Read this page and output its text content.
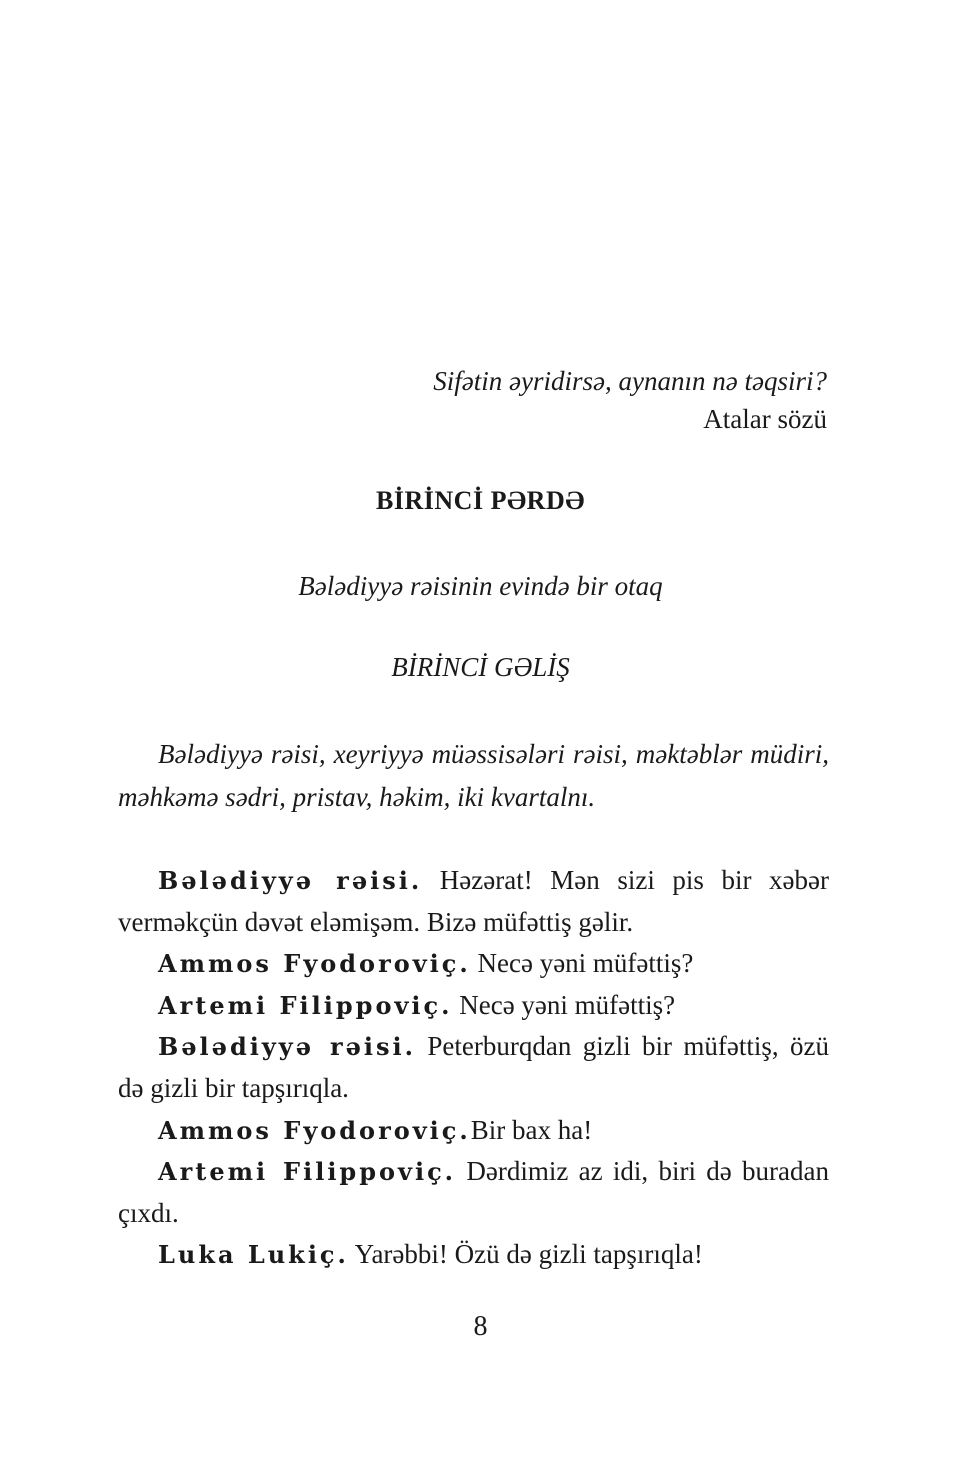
Sifətin əyridirsə, aynanın nə təqsiri?
Atalar sözü
BİRİNCİ PƏRDƏ
Bələdiyyə rəisinin evində bir otaq
BİRİNCİ GƏLİŞ
Bələdiyyə rəisi, xeyriyyə müəssisələri rəisi, məktəblər müdiri, məhkəmə sədri, pristav, həkim, iki kvartalnı.

Bələdiyyə rəisi. Həzərat! Mən sizi pis bir xəbər verməkçün dəvət eləmişəm. Bizə müfəttiş gəlir.

Ammos Fyodoroviç. Necə yəni müfəttiş?

Artemi Filippoviç. Necə yəni müfəttiş?

Bələdiyyə rəisi. Peterburqdan gizli bir müfəttiş, özü də gizli bir tapşırıqla.

Ammos Fyodoroviç.Bir bax ha!

Artemi Filippoviç. Dərdimiz az idi, biri də buradan çıxdı.

Luka Lukiç. Yarəbbi! Özü də gizli tapşırıqla!

8
